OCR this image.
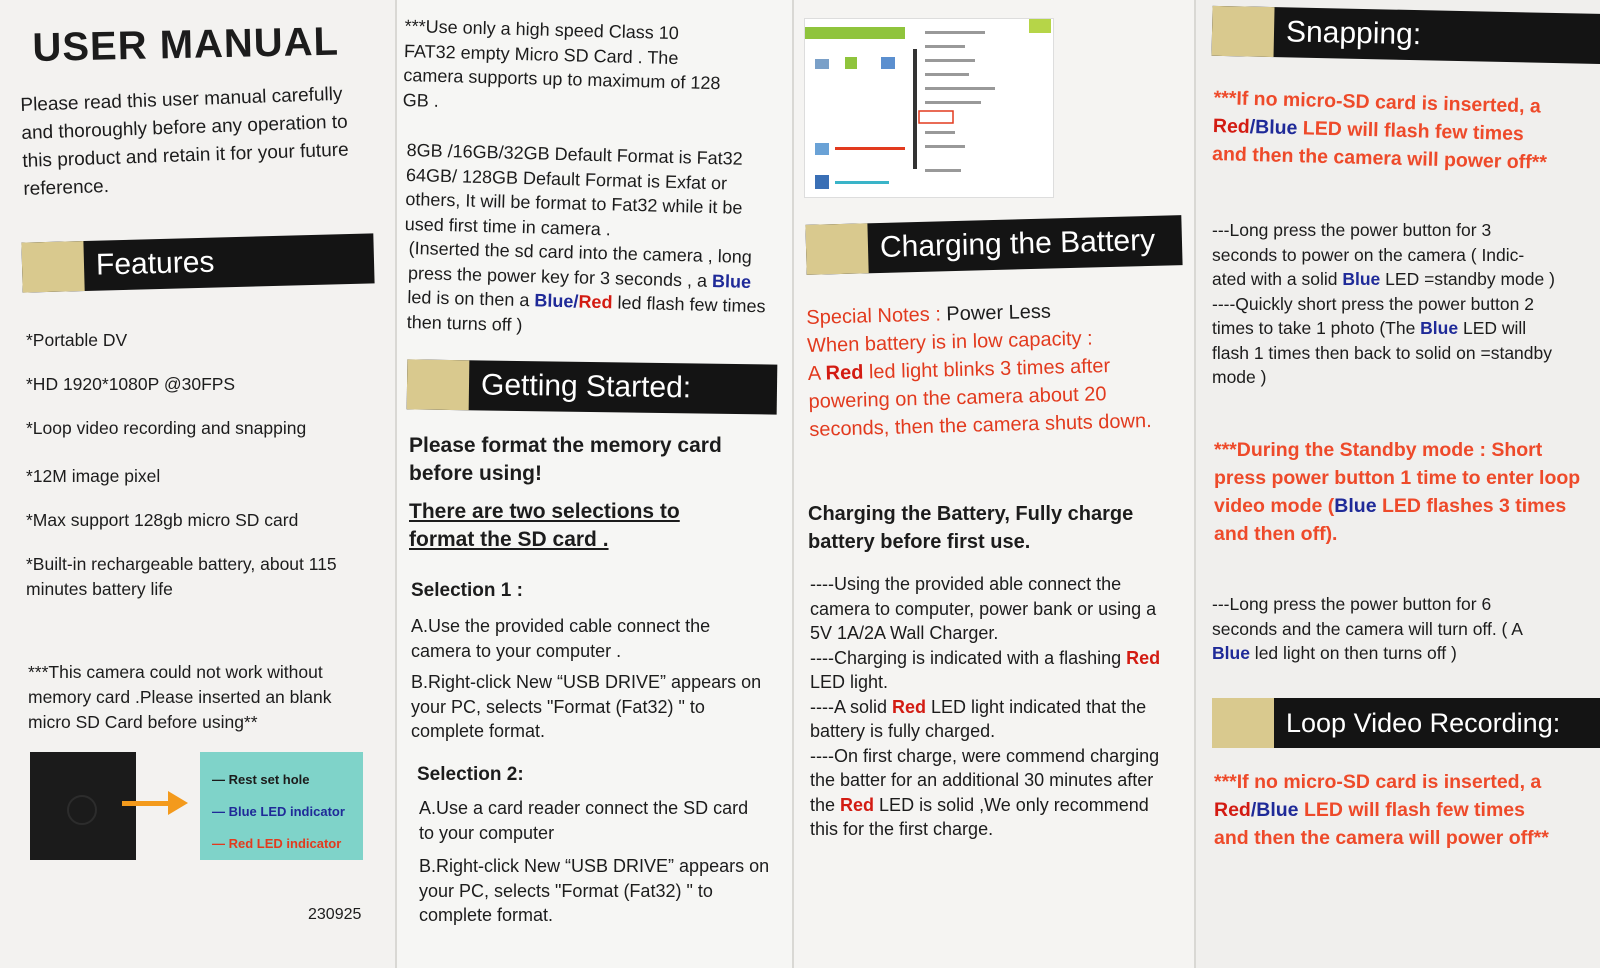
USER MANUAL
Please read this user manual carefully and thoroughly before any operation to this product and retain it for your future reference.
Features
*Portable DV
*HD 1920*1080P @30FPS
*Loop video recording and snapping
*12M image pixel
*Max support 128gb micro SD card
*Built-in rechargeable battery, about 115 minutes battery life
***This camera could not work without memory card .Please inserted an blank micro SD Card before using**
— Rest set hole
— Blue LED indicator
— Red LED indicator
230925
***Use only a high speed Class 10 FAT32 empty Micro SD Card . The camera supports up to maximum of 128 GB .
8GB /16GB/32GB Default Format is Fat32 64GB/ 128GB Default Format is Exfat or others, It will be format to Fat32 while it be used first time in camera .
(Inserted the sd card into the camera , long press the power key for 3 seconds , a Blue led is on then a Blue/Red led flash few times then turns off )
Getting Started:
Please format the memory card before using!
There are two selections to format the SD card .
Selection 1 :
A.Use the provided cable connect the camera to your computer .
B.Right-click New “USB DRIVE” appears on your PC, selects "Format (Fat32) " to complete format.
Selection 2:
A.Use a card reader connect the SD card to your computer
B.Right-click New “USB DRIVE” appears on your PC, selects "Format (Fat32) " to complete format.
Charging the Battery
Special Notes : Power Less
When battery is in low capacity :
A Red led light blinks 3 times after powering on the camera about 20 seconds, then the camera shuts down.
Charging the Battery, Fully charge battery before first use.
----Using the provided able connect the camera to computer, power bank or using a 5V 1A/2A Wall Charger.
----Charging is indicated with a flashing Red LED light.
----A solid Red LED light indicated that the battery is fully charged.
----On first charge, were commend charging the batter for an additional 30 minutes after the Red LED is solid ,We only recommend this for the first charge.
Snapping:
***If no micro-SD card is inserted, a Red/Blue LED will flash few times and then the camera will power off**
---Long press the power button for 3 seconds to power on the camera ( Indic-ated with a solid Blue LED =standby mode )
----Quickly short press the power button 2 times to take 1 photo (The Blue LED will flash 1 times then back to solid on =standby mode )
***During the Standby mode : Short press power button 1 time to enter loop video mode (Blue LED flashes 3 times and then off).
---Long press the power button for 6 seconds and the camera will turn off. ( A Blue led light on then turns off )
Loop Video Recording:
***If no micro-SD card is inserted, a Red/Blue LED will flash few times and then the camera will power off**
